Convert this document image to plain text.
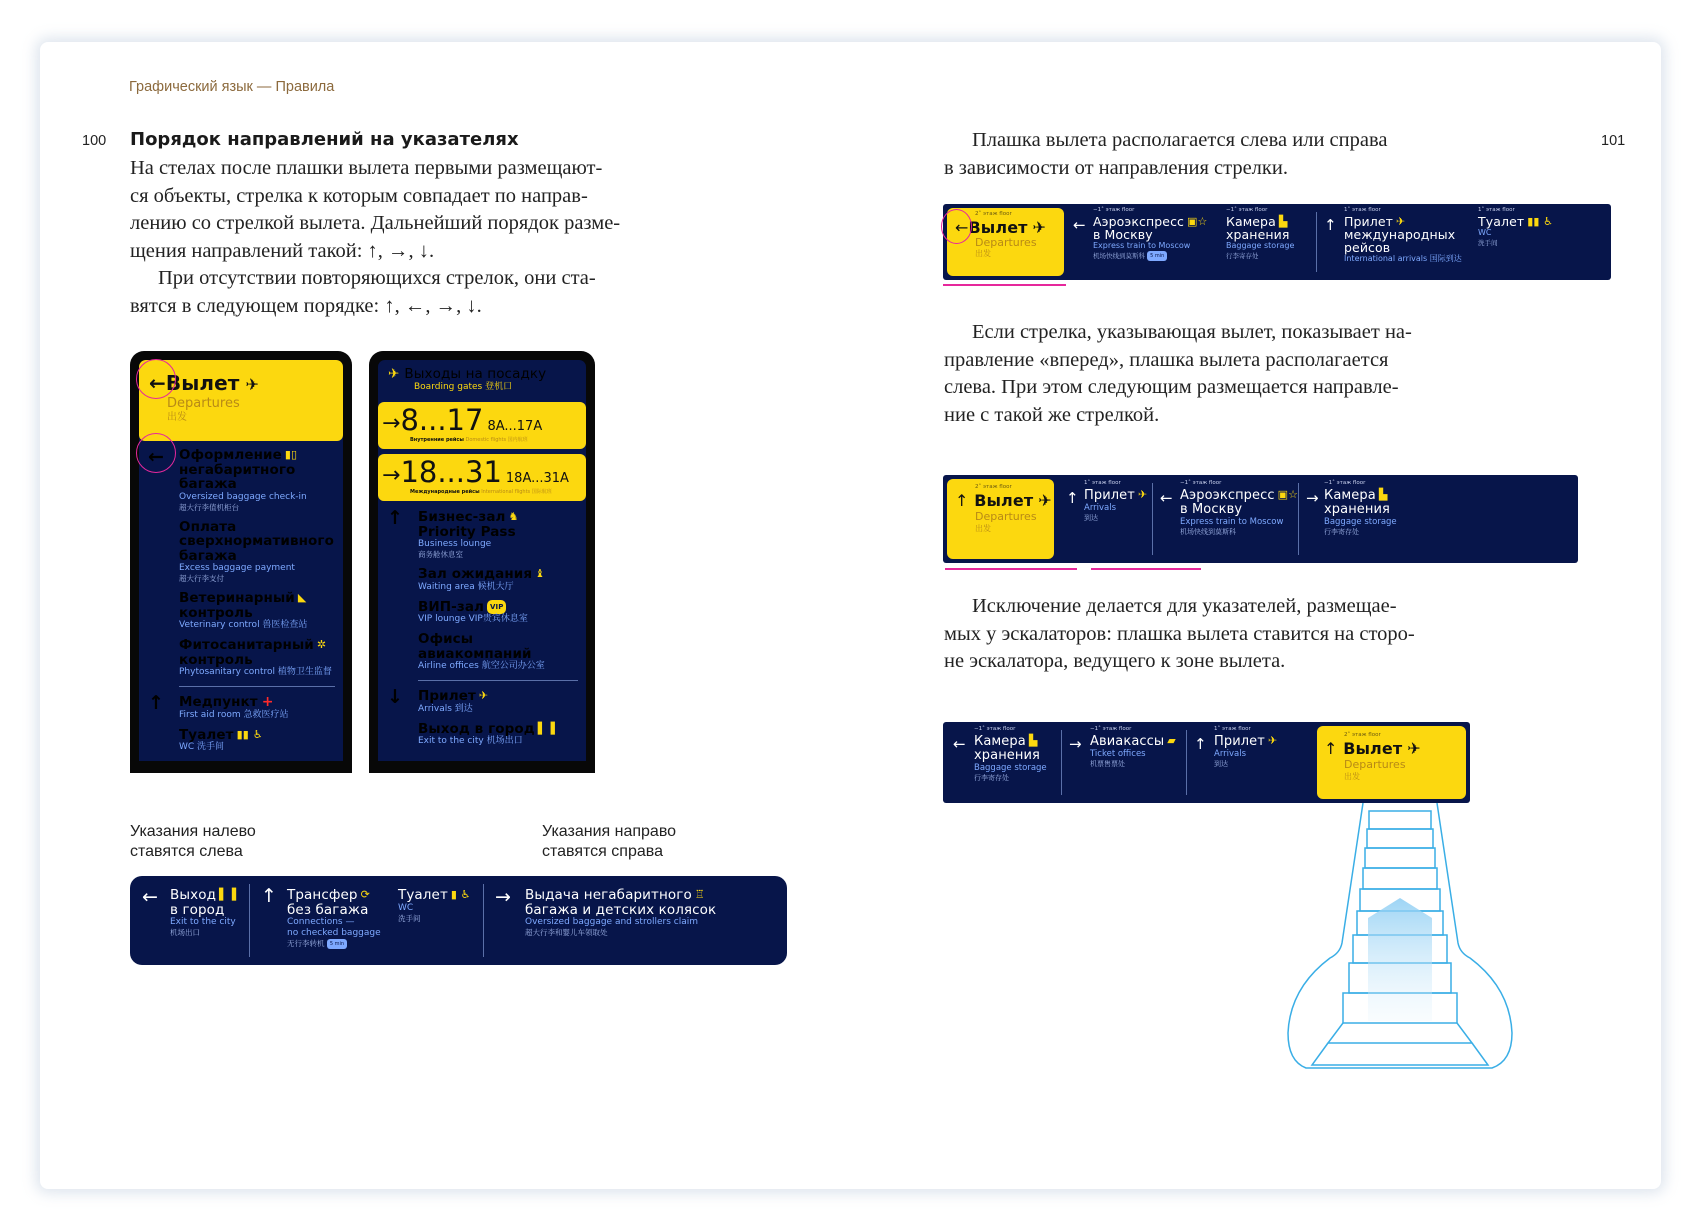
Графический язык — Правила
100	101
Порядок направлений на указателях
На стелах после плашки вылета первыми размещают-
ся объекты, стрелка к которым совпадает по направ-
лению со стрелкой вылета. Дальнейший порядок разме-
щения направлений такой: ↑, →, ↓.
При отсутствии повторяющихся стрелок, они ста-
вятся в следующем порядке: ↑, ←, →, ↓.
←Вылет ✈
Departures
出发
← Оформление ▮▯
негабаритного багажа
Oversized baggage check-in
超大行李值机柜台
Оплата
сверхнормативного
багажа
Excess baggage payment
超大行李支付
Ветеринарный ◣
контроль
Veterinary control 兽医检查站
Фитосанитарный ✲
контроль
Phytosanitary control 植物卫生监督
↑ Медпункт +
First aid room 急救医疗站
Туалет ▮▮ ♿
WC 洗手间
✈ Выходы на посадку
Boarding gates 登机口
→8...17 8A...17A
Внутренние рейсы Domestic flights 国内航班
→18...31 18A...31A
Международные рейсы International flights 国际航班
↑ Бизнес-зал ♞
Priority Pass
Business lounge
商务舱休息室
Зал ожидания ♝
Waiting area 候机大厅
ВИП-зал VIP
VIP lounge VIP贵宾休息室
Офисы авиакомпаний
Airline offices 航空公司办公室
↓ Прилет ✈
Arrivals 到达
Выход в город ▌▐
Exit to the city 机场出口
Указания налево
ставятся слева
Указания направо
ставятся справа
← Выход ▌▐
в город
Exit to the city
机场出口
↑ Трансфер ⟳
без багажа
Connections —
no checked baggage
无行李转机 5 min
Туалет ▮ ♿
WC
洗手间
→ Выдача негабаритного ♖
багажа и детских колясок
Oversized baggage and strollers claim
超大行李和婴儿车领取处
Плашка вылета располагается слева или справа
в зависимости от направления стрелки.
2˚ этаж floor
←Вылет ✈
Departures
出发
−1˚ этаж floor
← Аэроэкспресс ▣☆
в Москву
Express train to Moscow
机场快线到莫斯科 5 min
−1˚ этаж floor
Камера ▙
хранения
Baggage storage
行李寄存处
1˚ этаж floor
↑ Прилет ✈
международных
рейсов
International arrivals 国际到达
1˚ этаж floor
Туалет ▮▮ ♿
WC
洗手间
Если стрелка, указывающая вылет, показывает на-
правление «вперед», плашка вылета располагается
слева. При этом следующим размещается направле-
ние с такой же стрелкой.
2˚ этаж floor
↑ Вылет ✈
Departures
出发
1˚ этаж floor
↑ Прилет ✈
Arrivals
到达
−1˚ этаж floor
← Аэроэкспресс ▣☆
в Москву
Express train to Moscow
机场快线到莫斯科
−1˚ этаж floor
→ Камера ▙
хранения
Baggage storage
行李寄存处
Исключение делается для указателей, размещае-
мых у эскалаторов: плашка вылета ставится на сторо-
не эскалатора, ведущего к зоне вылета.
−1˚ этаж floor
← Камера ▙
хранения
Baggage storage
行李寄存处
−1˚ этаж floor
→ Авиакассы ▰
Ticket offices
机票售票处
1˚ этаж floor
↑ Прилет ✈
Arrivals
到达
2˚ этаж floor
↑ Вылет ✈
Departures
出发
